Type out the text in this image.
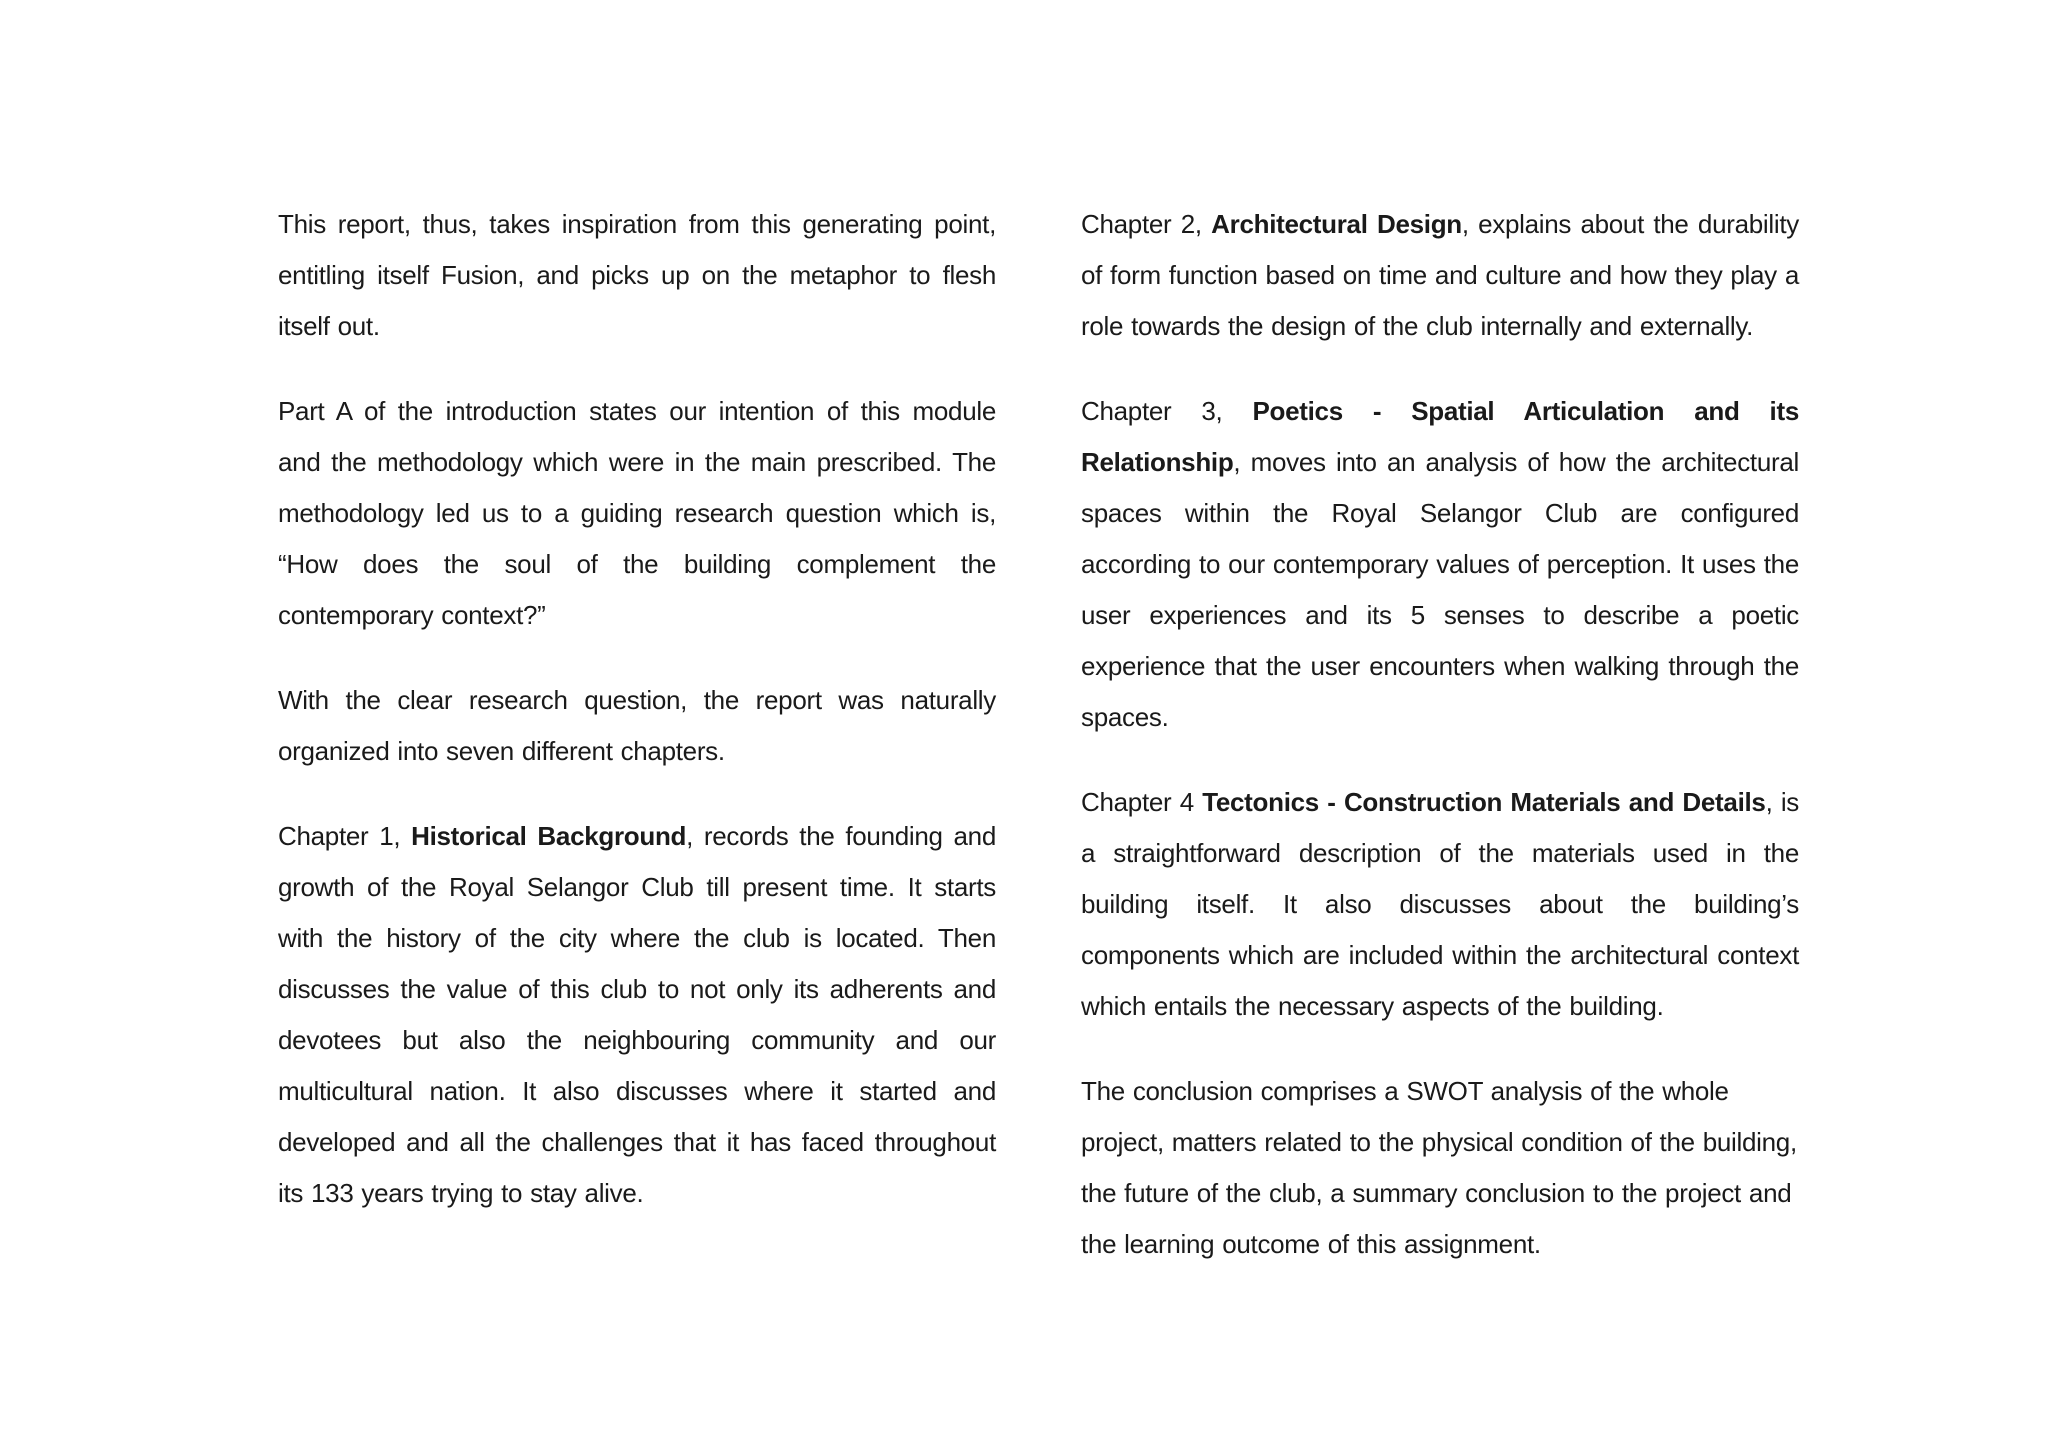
This report, thus, takes inspiration from this generating point, entitling itself Fusion, and picks up on the metaphor to flesh itself out.

Part A of the introduction states our intention of this module and the methodology which were in the main prescribed. The methodology led us to a guiding research question which is, “How does the soul of the building complement the contemporary context?”

With the clear research question, the report was naturally organized into seven different chapters.

Chapter 1, Historical Background, records the founding and growth of the Royal Selangor Club till present time. It starts with the history of the city where the club is located. Then discusses the value of this club to not only its adherents and devotees but also the neighbouring community and our multicultural nation. It also discusses where it started and developed and all the challenges that it has faced throughout its 133 years trying to stay alive.

Chapter 2, Architectural Design, explains about the durability of form function based on time and culture and how they play a role towards the design of the club internally and externally.

Chapter 3, Poetics - Spatial Articulation and its Relationship, moves into an analysis of how the architectural spaces within the Royal Selangor Club are configured according to our contemporary values of perception. It uses the user experiences and its 5 senses to describe a poetic experience that the user encounters when walking through the spaces.

Chapter 4 Tectonics - Construction Materials and Details, is a straightforward description of the materials used in the building itself. It also discusses about the building’s components which are included within the architectural context which entails the necessary aspects of the building.

The conclusion comprises a SWOT analysis of the whole project, matters related to the physical condition of the building, the future of the club, a summary conclusion to the project and the learning outcome of this assignment.
